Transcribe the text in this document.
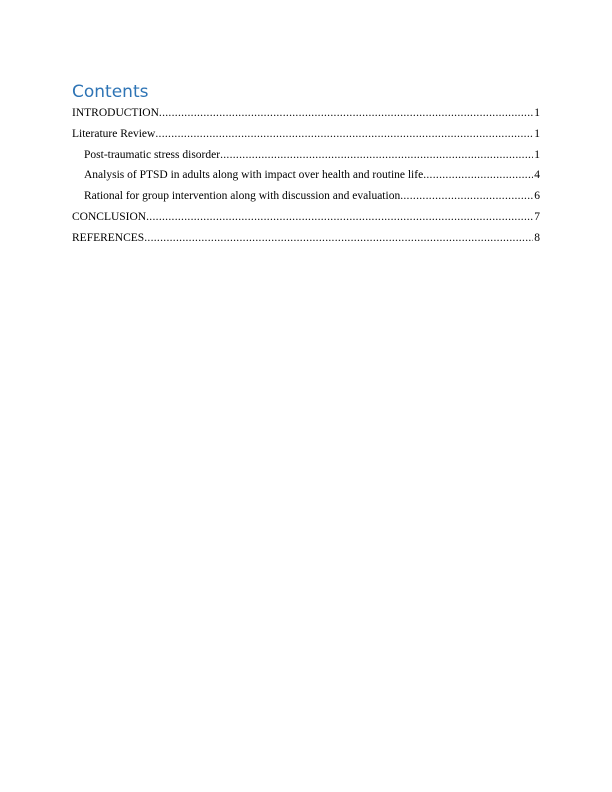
Contents
INTRODUCTION .....	1
Literature Review .....	1
Post-traumatic stress disorder .....	1
Analysis of PTSD in adults along with impact over health and routine life .....	4
Rational for group intervention along with discussion and evaluation .....	6
CONCLUSION .....	7
REFERENCES .....	8
